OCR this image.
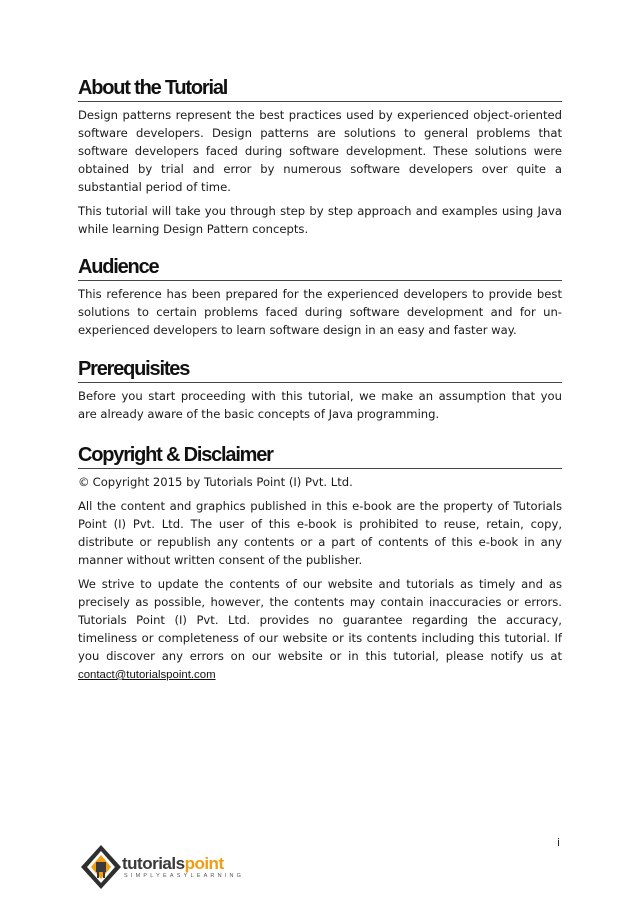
About the Tutorial

Design patterns represent the best practices used by experienced object-oriented software developers. Design patterns are solutions to general problems that software developers faced during software development. These solutions were obtained by trial and error by numerous software developers over quite a substantial period of time.

This tutorial will take you through step by step approach and examples using Java while learning Design Pattern concepts.

Audience

This reference has been prepared for the experienced developers to provide best solutions to certain problems faced during software development and for un-experienced developers to learn software design in an easy and faster way.

Prerequisites

Before you start proceeding with this tutorial, we make an assumption that you are already aware of the basic concepts of Java programming.

Copyright & Disclaimer

© Copyright 2015 by Tutorials Point (I) Pvt. Ltd.

All the content and graphics published in this e-book are the property of Tutorials Point (I) Pvt. Ltd. The user of this e-book is prohibited to reuse, retain, copy, distribute or republish any contents or a part of contents of this e-book in any manner without written consent of the publisher.

We strive to update the contents of our website and tutorials as timely and as precisely as possible, however, the contents may contain inaccuracies or errors. Tutorials Point (I) Pvt. Ltd. provides no guarantee regarding the accuracy, timeliness or completeness of our website or its contents including this tutorial. If you discover any errors on our website or in this tutorial, please notify us at contact@tutorialspoint.com

i
tutorialspoint
SIMPLYEASYLEARNING
